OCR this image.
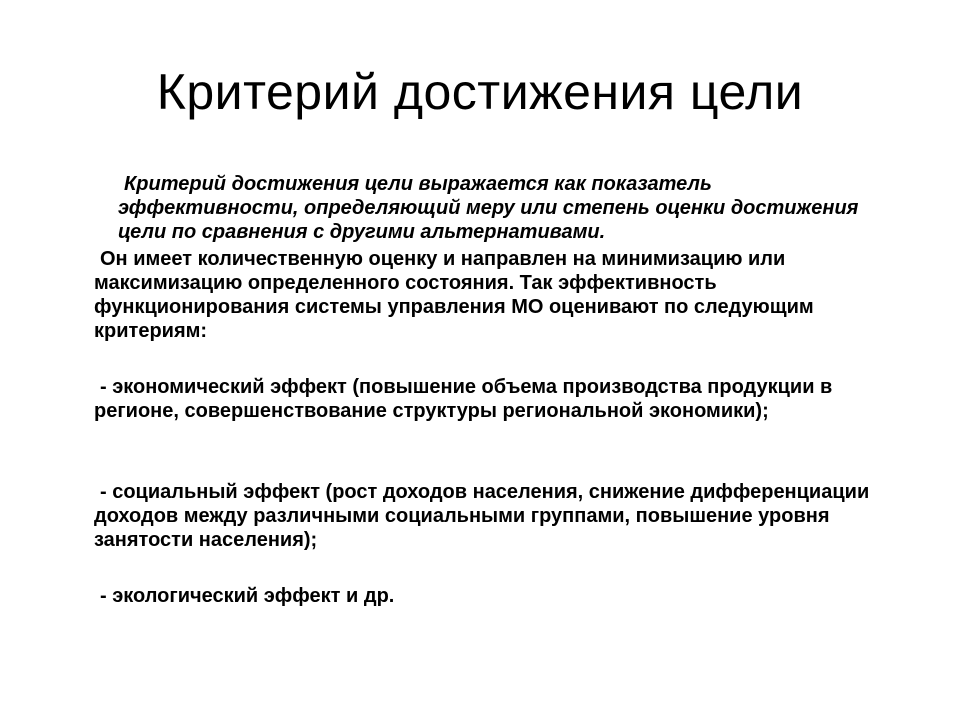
Критерий достижения цели

Критерий достижения цели выражается как показатель эффективности, определяющий меру или степень оценки достижения цели по сравнения с другими альтернативами.

Он имеет количественную оценку и направлен на минимизацию или максимизацию определенного состояния. Так эффективность функционирования системы управления МО оценивают по следующим критериям:

- экономический эффект (повышение объема производства продукции в регионе, совершенствование структуры региональной экономики);

- социальный эффект (рост доходов населения, снижение дифференциации доходов между различными социальными группами, повышение уровня занятости населения);

- экологический эффект и др.
